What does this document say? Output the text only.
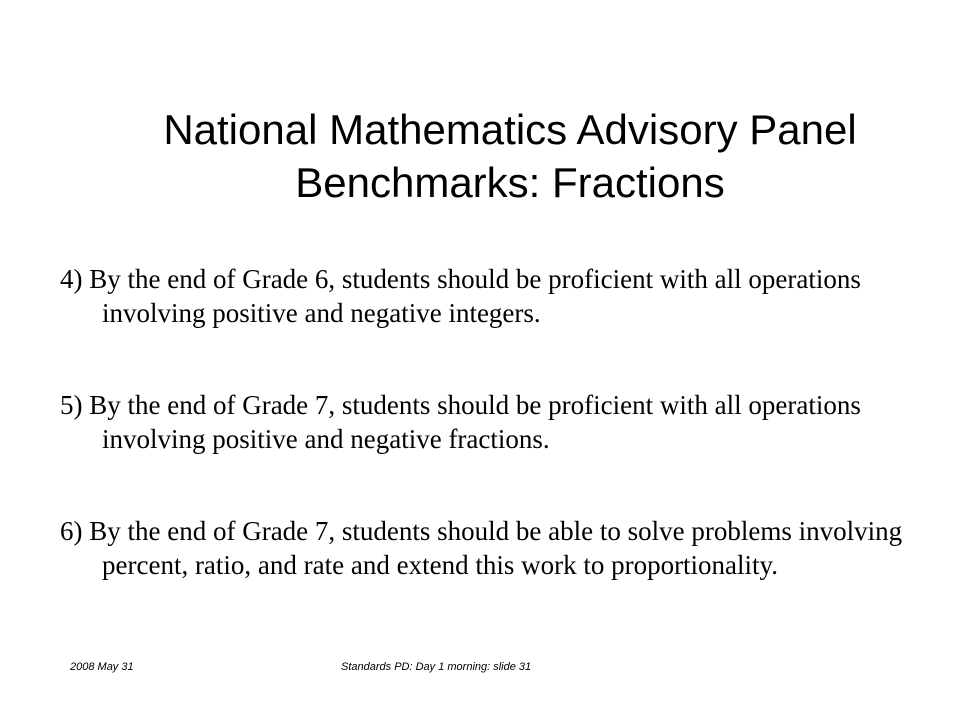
National Mathematics Advisory Panel
Benchmarks: Fractions

4) By the end of Grade 6, students should be proficient with all operations involving positive and negative integers.

5) By the end of Grade 7, students should be proficient with all operations involving positive and negative fractions.

6) By the end of Grade 7, students should be able to solve problems involving percent, ratio, and rate and extend this work to proportionality.

2008 May 31	Standards PD: Day 1 morning: slide 31
